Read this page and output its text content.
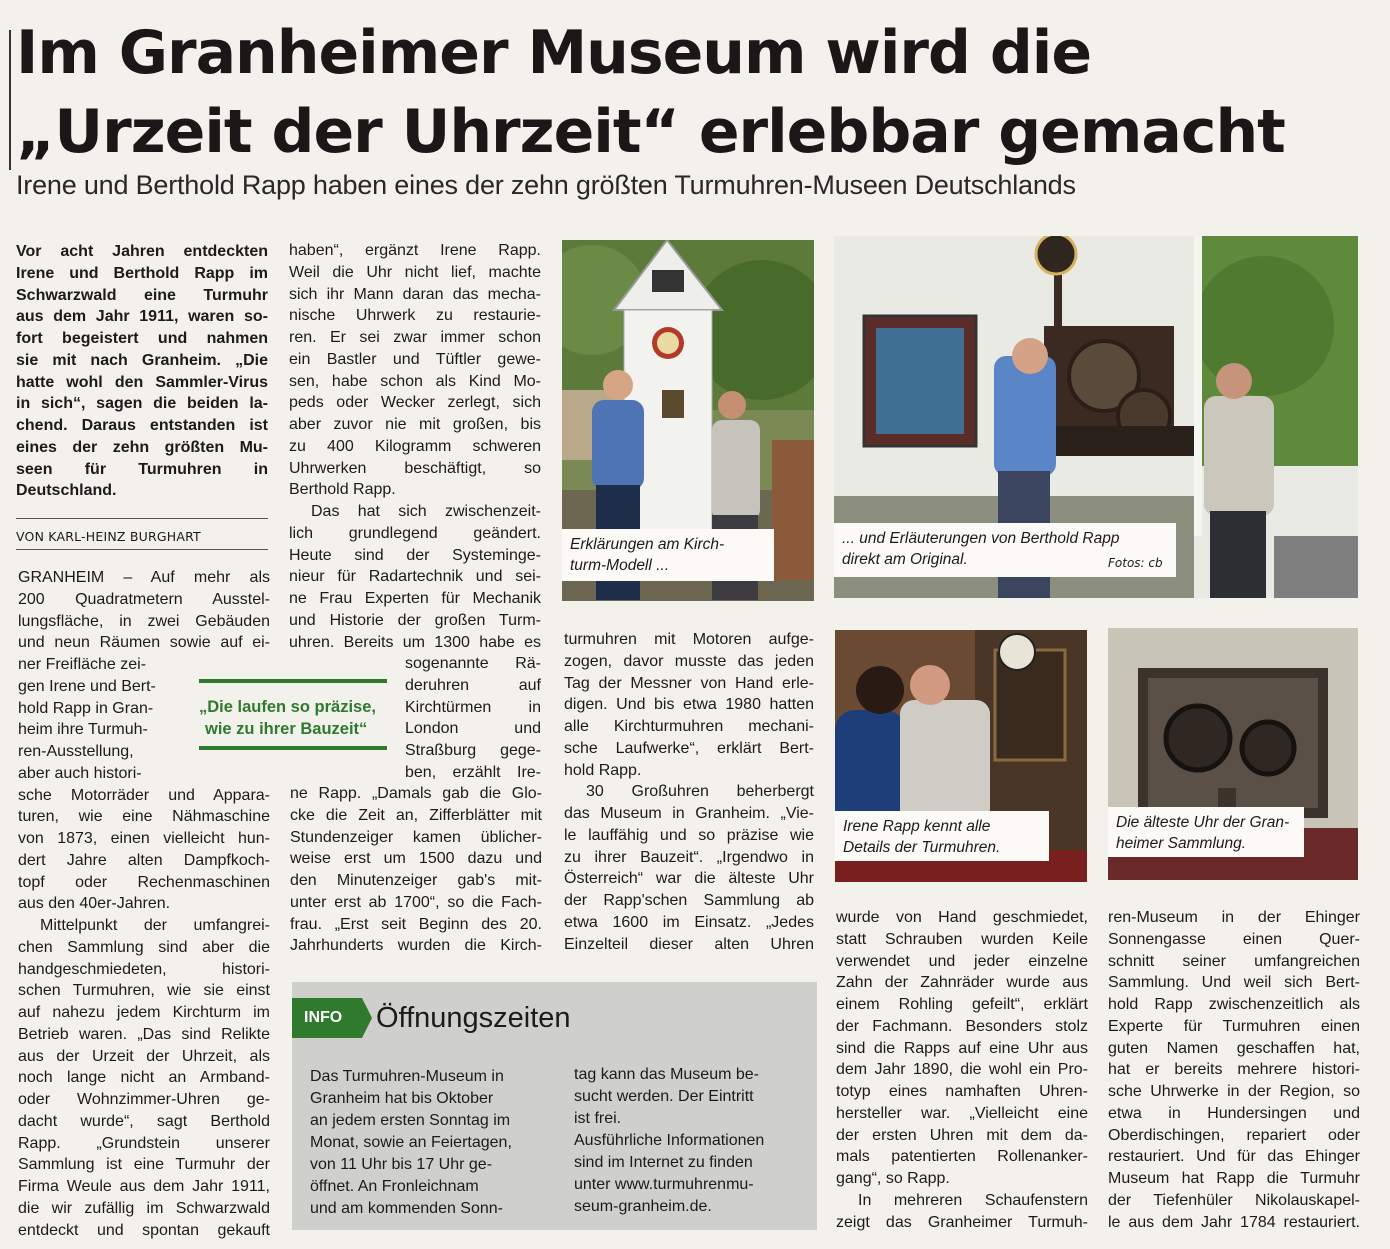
Im Granheimer Museum wird die
„Urzeit der Uhrzeit“ erlebbar gemacht
Irene und Berthold Rapp haben eines der zehn größten Turmuhren-Museen Deutschlands
Vor acht Jahren entdeckten
Irene und Berthold Rapp im
Schwarzwald eine Turmuhr
aus dem Jahr 1911, waren so-
fort begeistert und nahmen
sie mit nach Granheim. „Die
hatte wohl den Sammler-Virus
in sich“, sagen die beiden la-
chend. Daraus entstanden ist
eines der zehn größten Mu-
seen für Turmuhren in
Deutschland.
VON KARL-HEINZ BURGHART
GRANHEIM – Auf mehr als
200 Quadratmetern Ausstel-
lungsfläche, in zwei Gebäuden
und neun Räumen sowie auf ei-
ner Freifläche zei-
gen Irene und Bert-
hold Rapp in Gran-
heim ihre Turmuh-
ren-Ausstellung,
aber auch histori-
sche Motorräder und Appara-
turen, wie eine Nähmaschine
von 1873, einen vielleicht hun-
dert Jahre alten Dampfkoch-
topf oder Rechenmaschinen
aus den 40er-Jahren.
Mittelpunkt der umfangrei-
chen Sammlung sind aber die
handgeschmiedeten, histori-
schen Turmuhren, wie sie einst
auf nahezu jedem Kirchturm im
Betrieb waren. „Das sind Relikte
aus der Urzeit der Uhrzeit, als
noch lange nicht an Armband-
oder Wohnzimmer-Uhren ge-
dacht wurde“, sagt Berthold
Rapp. „Grundstein unserer
Sammlung ist eine Turmuhr der
Firma Weule aus dem Jahr 1911,
die wir zufällig im Schwarzwald
entdeckt und spontan gekauft
haben“, ergänzt Irene Rapp.
Weil die Uhr nicht lief, machte
sich ihr Mann daran das mecha-
nische Uhrwerk zu restaurie-
ren. Er sei zwar immer schon
ein Bastler und Tüftler gewe-
sen, habe schon als Kind Mo-
peds oder Wecker zerlegt, sich
aber zuvor nie mit großen, bis
zu 400 Kilogramm schweren
Uhrwerken beschäftigt, so
Berthold Rapp.
Das hat sich zwischenzeit-
lich grundlegend geändert.
Heute sind der Systeminge-
nieur für Radartechnik und sei-
ne Frau Experten für Mechanik
und Historie der großen Turm-
uhren. Bereits um 1300 habe es
sogenannte Rä-
deruhren auf
Kirchtürmen in
London und
Straßburg gege-
ben, erzählt Ire-
ne Rapp. „Damals gab die Glo-
cke die Zeit an, Zifferblätter mit
Stundenzeiger kamen üblicher-
weise erst um 1500 dazu und
den Minutenzeiger gab's mit-
unter erst ab 1700“, so die Fach-
frau. „Erst seit Beginn des 20.
Jahrhunderts wurden die Kirch-
„Die laufen so präzise,
wie zu ihrer Bauzeit“
Erklärungen am Kirch-
turm-Modell ...
... und Erläuterungen von Berthold Rapp
direkt am Original.	Fotos: cb
Irene Rapp kennt alle
Details der Turmuhren.
Die älteste Uhr der Gran-
heimer Sammlung.
turmuhren mit Motoren aufge-
zogen, davor musste das jeden
Tag der Messner von Hand erle-
digen. Und bis etwa 1980 hatten
alle Kirchturmuhren mechani-
sche Laufwerke“, erklärt Bert-
hold Rapp.
30 Großuhren beherbergt
das Museum in Granheim. „Vie-
le lauffähig und so präzise wie
zu ihrer Bauzeit“. „Irgendwo in
Österreich“ war die älteste Uhr
der Rapp'schen Sammlung ab
etwa 1600 im Einsatz. „Jedes
Einzelteil dieser alten Uhren
wurde von Hand geschmiedet,
statt Schrauben wurden Keile
verwendet und jeder einzelne
Zahn der Zahnräder wurde aus
einem Rohling gefeilt“, erklärt
der Fachmann. Besonders stolz
sind die Rapps auf eine Uhr aus
dem Jahr 1890, die wohl ein Pro-
totyp eines namhaften Uhren-
hersteller war. „Vielleicht eine
der ersten Uhren mit dem da-
mals patentierten Rollenanker-
gang“, so Rapp.
In mehreren Schaufenstern
zeigt das Granheimer Turmuh-
ren-Museum in der Ehinger
Sonnengasse einen Quer-
schnitt seiner umfangreichen
Sammlung. Und weil sich Bert-
hold Rapp zwischenzeitlich als
Experte für Turmuhren einen
guten Namen geschaffen hat,
hat er bereits mehrere histori-
sche Uhrwerke in der Region, so
etwa in Hundersingen und
Oberdischingen, repariert oder
restauriert. Und für das Ehinger
Museum hat Rapp die Turmuhr
der Tiefenhüler Nikolauskapel-
le aus dem Jahr 1784 restauriert.
INFO	Öffnungszeiten
Das Turmuhren-Museum in
Granheim hat bis Oktober
an jedem ersten Sonntag im
Monat, sowie an Feiertagen,
von 11 Uhr bis 17 Uhr ge-
öffnet. An Fronleichnam
und am kommenden Sonn-
tag kann das Museum be-
sucht werden. Der Eintritt
ist frei.
Ausführliche Informationen
sind im Internet zu finden
unter www.turmuhrenmu-
seum-granheim.de.
